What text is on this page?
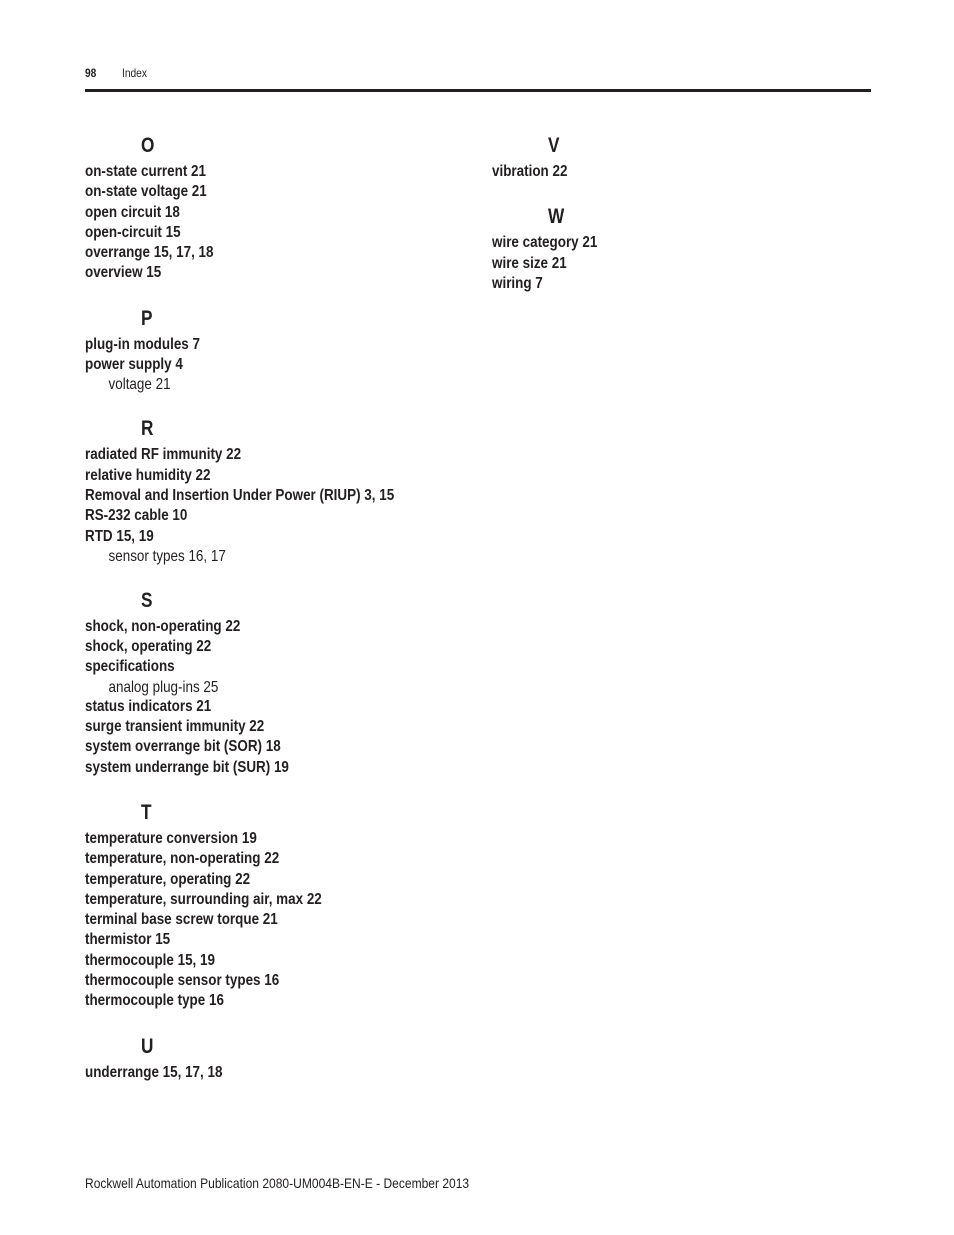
98 Index
O
on-state current 21
on-state voltage 21
open circuit 18
open-circuit 15
overrange 15, 17, 18
overview 15
P
plug-in modules 7
power supply 4
voltage 21
R
radiated RF immunity 22
relative humidity 22
Removal and Insertion Under Power (RIUP) 3, 15
RS-232 cable 10
RTD 15, 19
sensor types 16, 17
S
shock, non-operating 22
shock, operating 22
specifications
analog plug-ins 25
status indicators 21
surge transient immunity 22
system overrange bit (SOR) 18
system underrange bit (SUR) 19
T
temperature conversion 19
temperature, non-operating 22
temperature, operating 22
temperature, surrounding air, max 22
terminal base screw torque 21
thermistor 15
thermocouple 15, 19
thermocouple sensor types 16
thermocouple type 16
U
underrange 15, 17, 18
V
vibration 22
W
wire category 21
wire size 21
wiring 7
Rockwell Automation Publication 2080-UM004B-EN-E - December 2013
